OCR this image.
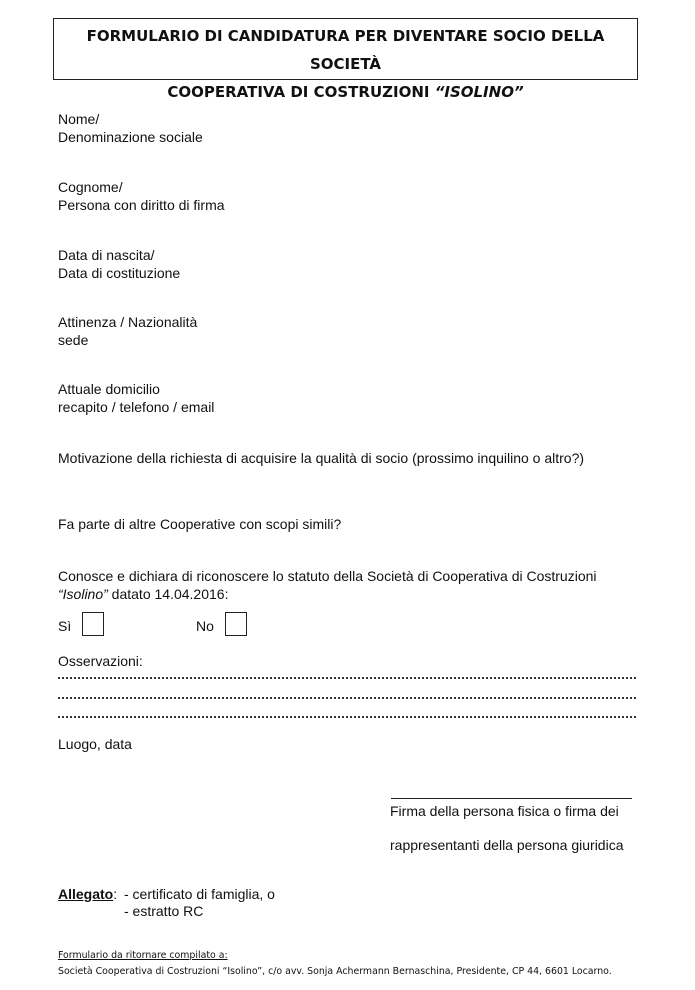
FORMULARIO DI CANDIDATURA PER DIVENTARE SOCIO DELLA SOCIETÀ
COOPERATIVA DI COSTRUZIONI “ISOLINO”
Nome/
Denominazione sociale
Cognome/
Persona con diritto di firma
Data di nascita/
Data di costituzione
Attinenza / Nazionalità
sede
Attuale domicilio
recapito / telefono / email
Motivazione della richiesta di acquisire la qualità di socio (prossimo inquilino o altro?)
Fa parte di altre Cooperative con scopi simili?
Conosce e dichiara di riconoscere lo statuto della Società di Cooperativa di Costruzioni
“Isolino” datato 14.04.2016:
Sì	No
Osservazioni:
Luogo, data
Firma della persona fisica o firma dei
rappresentanti della persona giuridica
Allegato: - certificato di famiglia, o
- estratto RC
Formulario da ritornare compilato a:
Società Cooperativa di Costruzioni “Isolino”, c/o avv. Sonja Achermann Bernaschina, Presidente, CP 44, 6601 Locarno.
